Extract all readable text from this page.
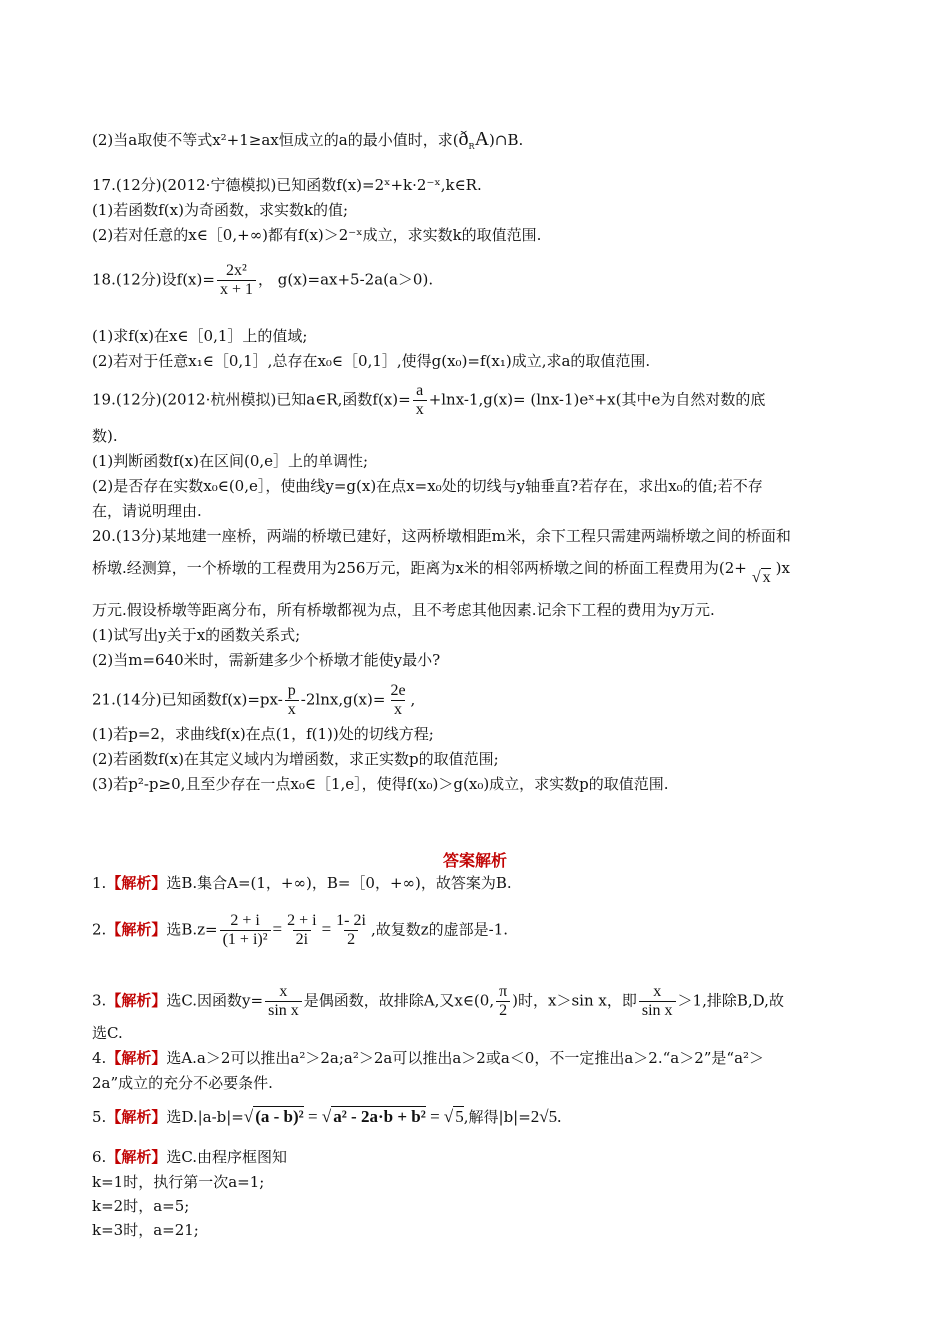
(2)当a取使不等式x²+1≥ax恒成立的a的最小值时，求$(ð_RA)\cap B$.
17.(12分)(2012·宁德模拟)已知函数f(x)=2ˣ+k·2⁻ˣ,k∈R.
(1)若函数f(x)为奇函数，求实数k的值;
(2)若对任意的x∈［0,+∞)都有f(x)＞2⁻ˣ成立，求实数k的取值范围.
18.(12分)设$f(x)= \frac{\text{2x²}}{x + 1}$ ， g(x)=ax+5-2a(a＞0).
(1)求f(x)在x∈［0,1］上的值域;
(2)若对于任意x₁∈［0,1］,总存在x₀∈［0,1］,使得g(x₀)=f(x₁)成立,求a的取值范围.
19.(12分)(2012·杭州模拟)已知a∈R,函数$f(x)= \frac{a}{x} +\ln x-1,g(x)=$ (lnx-1)eˣ+x(其中e为自然对数的底
数).
(1)判断函数f(x)在区间(0,e］上的单调性;
(2)是否存在实数x₀∈(0,e］，使曲线y=g(x)在点x=x₀处的切线与y轴垂直?若存在，求出x₀的值;若不存
在，请说明理由.
20.(13分)某地建一座桥，两端的桥墩已建好，这两桥墩相距m米，余下工程只需建两端桥墩之间的桥面和
桥墩.经测算，一个桥墩的工程费用为256万元，距离为x米的相邻两桥墩之间的桥面工程费用为(2+

√ x
)x
万元.假设桥墩等距离分布，所有桥墩都视为点，且不考虑其他因素.记余下工程的费用为y万元.
(1)试写出y关于x的函数关系式;
(2)当m=640米时，需新建多少个桥墩才能使y最小?
21.(14分)已知函数$f(x)=px- \frac{p}{x} -2\ln x,g(x)= \frac{2e}{x}$ ,
(1)若p=2，求曲线f(x)在点(1，f(1))处的切线方程;
(2)若函数f(x)在其定义域内为增函数，求正实数p的取值范围;
(3)若p²-p≥0,且至少存在一点x₀∈［1,e］，使得f(x₀)＞g(x₀)成立，求实数p的取值范围.
答案解析
1.【解析】选B.集合A=(1，+∞)，B=［0，+∞)，故答案为B.
2.【解析】选$B.z= \frac{2 + i}{\text{(1 + i)²}} = \frac{2 + i}{2i} = \frac{1- 2i}{2}$ ,故复数z的虚部是-1.
3.【解析】选C.因函数$y= \frac{x}{\text{sin x}}$ 是偶函数，故排除A,又x∈(0, $\frac{\pi}{2}$ )时，x＞sin x，即 $\frac{x}{\text{sin x}} >1$,排除B,D,故
选C.
4.【解析】选A.a＞2可以推出a²＞2a;a²＞2a可以推出a＞2或a＜0，不一定推出a＞2.“a＞2”是“a²＞
2a”成立的充分不必要条件.
5.【解析】选D.|a-b|=√ (a - b)² = √ a² - 2a·b + b² = √ 5,解得|b|=2√5.
6.【解析】选C.由程序框图知
k=1时，执行第一次a=1;
k=2时，a=5;
k=3时，a=21;
